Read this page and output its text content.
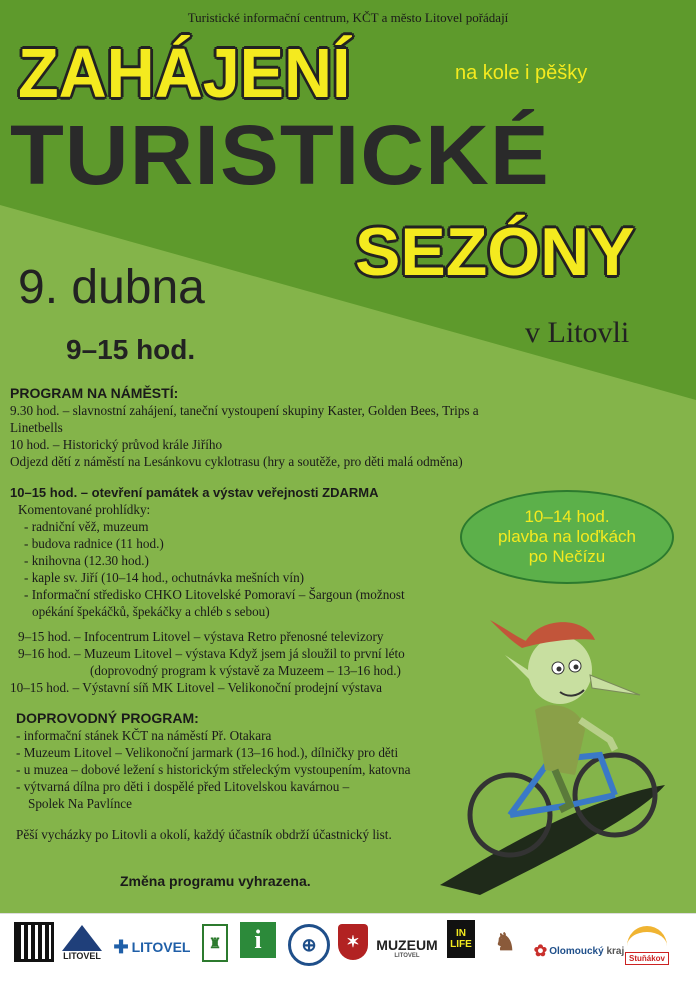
Turistické informační centrum, KČT a město Litovel pořádají
ZAHÁJENÍ	na kole i pěšky
TURISTICKÉ
SEZÓNY
9. dubna
9–15 hod.
v Litovli
PROGRAM NA NÁMĚSTÍ:
9.30 hod. – slavnostní zahájení, taneční vystoupení skupiny Kaster, Golden Bees, Trips a Linetbells
10 hod. – Historický průvod krále Jiřího
Odjezd dětí z náměstí na Lesánkovu cyklotrasu (hry a soutěže, pro děti malá odměna)
10–15 hod. – otevření památek a výstav veřejnosti ZDARMA
Komentované prohlídky:
- radniční věž, muzeum
- budova radnice (11 hod.)
- knihovna (12.30 hod.)
- kaple sv. Jiří (10–14 hod., ochutnávka mešních vín)
- Informační středisko CHKO Litovelské Pomoraví – Šargoun (možnost
opékání špekáčků, špekáčky a chléb s sebou)
9–15 hod. – Infocentrum Litovel – výstava Retro přenosné televizory
9–16 hod. – Muzeum Litovel – výstava Když jsem já sloužil to první léto
(doprovodný program k výstavě za Muzeem – 13–16 hod.)
10–15 hod. – Výstavní síň MK Litovel – Velikonoční prodejní výstava
DOPROVODNÝ PROGRAM:
- informační stánek KČT na náměstí Př. Otakara
- Muzeum Litovel – Velikonoční jarmark (13–16 hod.), dílničky pro děti
- u muzea – dobové ležení s historickým střeleckým vystoupením, katovna
- výtvarná dílna pro děti i dospělé před Litovelskou kavárnou –
Spolek Na Pavlínce
Pěší vycházky po Litovli a okolí, každý účastník obdrží účastnický list.
10–14 hod.
plavba na loďkách
po Nečízu
Změna programu vyhrazena.
LITOVEL ✚ LITOVEL	♜	i	⊕	✶	MUZEUM
LITOVEL
IN LIFE ♞	✿ Olomoucký
kraj
Stuňákov
